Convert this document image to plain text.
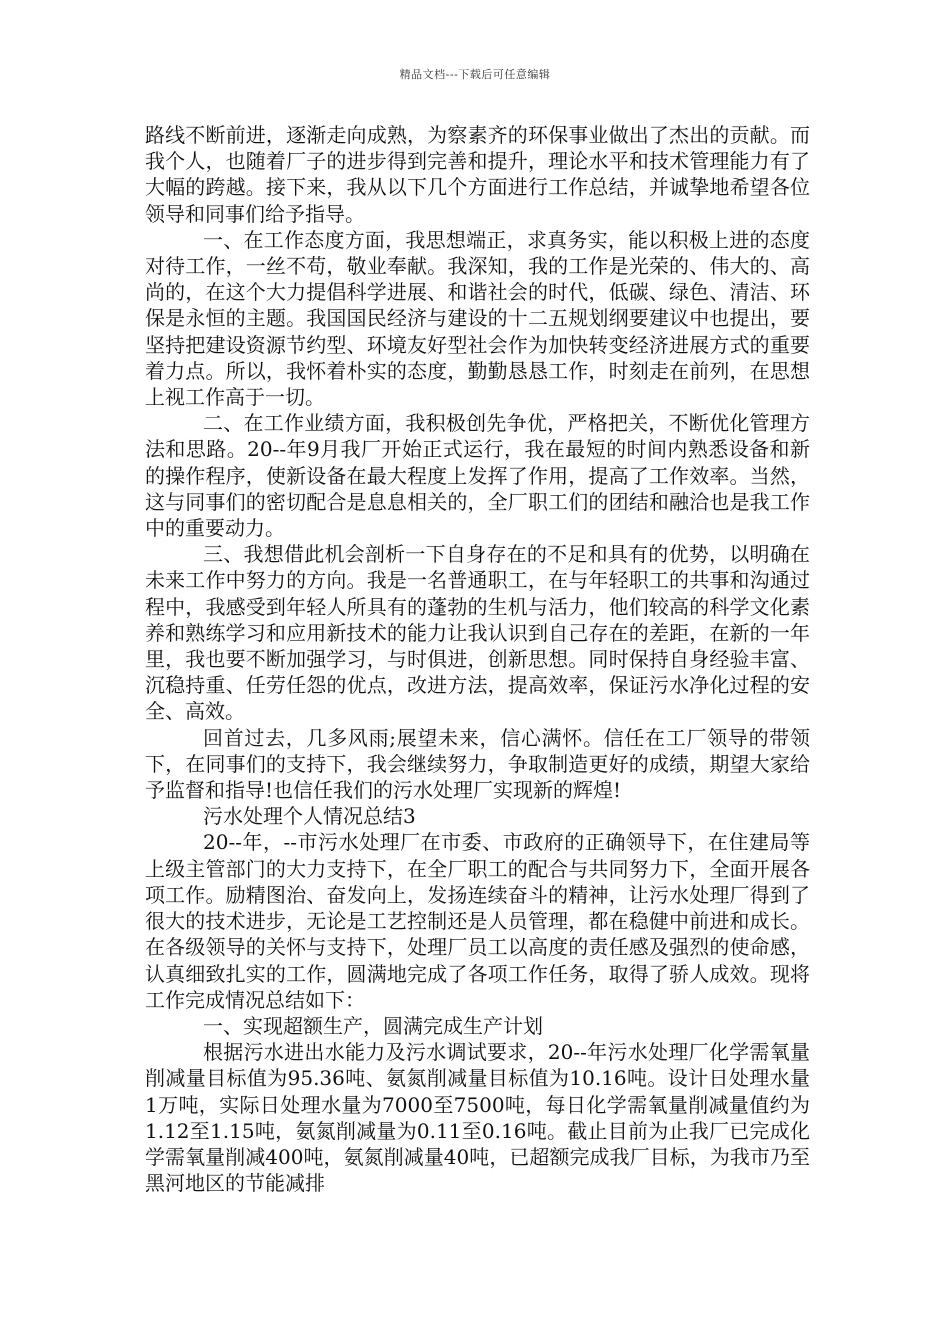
精品文档---下载后可任意编辑

路线不断前进，逐渐走向成熟，为察素齐的环保事业做出了杰出的贡献。而我个人，也随着厂子的进步得到完善和提升，理论水平和技术管理能力有了大幅的跨越。接下来，我从以下几个方面进行工作总结，并诚挚地希望各位领导和同事们给予指导。

一、在工作态度方面，我思想端正，求真务实，能以积极上进的态度对待工作，一丝不苟，敬业奉献。我深知，我的工作是光荣的、伟大的、高尚的，在这个大力提倡科学进展、和谐社会的时代，低碳、绿色、清洁、环保是永恒的主题。我国国民经济与建设的十二五规划纲要建议中也提出，要坚持把建设资源节约型、环境友好型社会作为加快转变经济进展方式的重要着力点。所以，我怀着朴实的态度，勤勤恳恳工作，时刻走在前列，在思想上视工作高于一切。

二、在工作业绩方面，我积极创先争优，严格把关，不断优化管理方法和思路。20--年9月我厂开始正式运行，我在最短的时间内熟悉设备和新的操作程序，使新设备在最大程度上发挥了作用，提高了工作效率。当然，这与同事们的密切配合是息息相关的，全厂职工们的团结和融洽也是我工作中的重要动力。

三、我想借此机会剖析一下自身存在的不足和具有的优势，以明确在未来工作中努力的方向。我是一名普通职工，在与年轻职工的共事和沟通过程中，我感受到年轻人所具有的蓬勃的生机与活力，他们较高的科学文化素养和熟练学习和应用新技术的能力让我认识到自己存在的差距，在新的一年里，我也要不断加强学习，与时俱进，创新思想。同时保持自身经验丰富、沉稳持重、任劳任怨的优点，改进方法，提高效率，保证污水净化过程的安全、高效。

回首过去，几多风雨;展望未来，信心满怀。信任在工厂领导的带领下，在同事们的支持下，我会继续努力，争取制造更好的成绩，期望大家给予监督和指导!也信任我们的污水处理厂实现新的辉煌!

污水处理个人情况总结3

20--年，--市污水处理厂在市委、市政府的正确领导下，在住建局等上级主管部门的大力支持下，在全厂职工的配合与共同努力下，全面开展各项工作。励精图治、奋发向上，发扬连续奋斗的精神，让污水处理厂得到了很大的技术进步，无论是工艺控制还是人员管理，都在稳健中前进和成长。在各级领导的关怀与支持下，处理厂员工以高度的责任感及强烈的使命感，认真细致扎实的工作，圆满地完成了各项工作任务，取得了骄人成效。现将工作完成情况总结如下：

一、实现超额生产，圆满完成生产计划

根据污水进出水能力及污水调试要求，20--年污水处理厂化学需氧量削减量目标值为95.36吨、氨氮削减量目标值为10.16吨。设计日处理水量1万吨，实际日处理水量为7000至7500吨，每日化学需氧量削减量值约为1.12至1.15吨，氨氮削减量为0.11至0.16吨。截止目前为止我厂已完成化学需氧量削减400吨，氨氮削减量40吨，已超额完成我厂目标，为我市乃至黑河地区的节能减排
